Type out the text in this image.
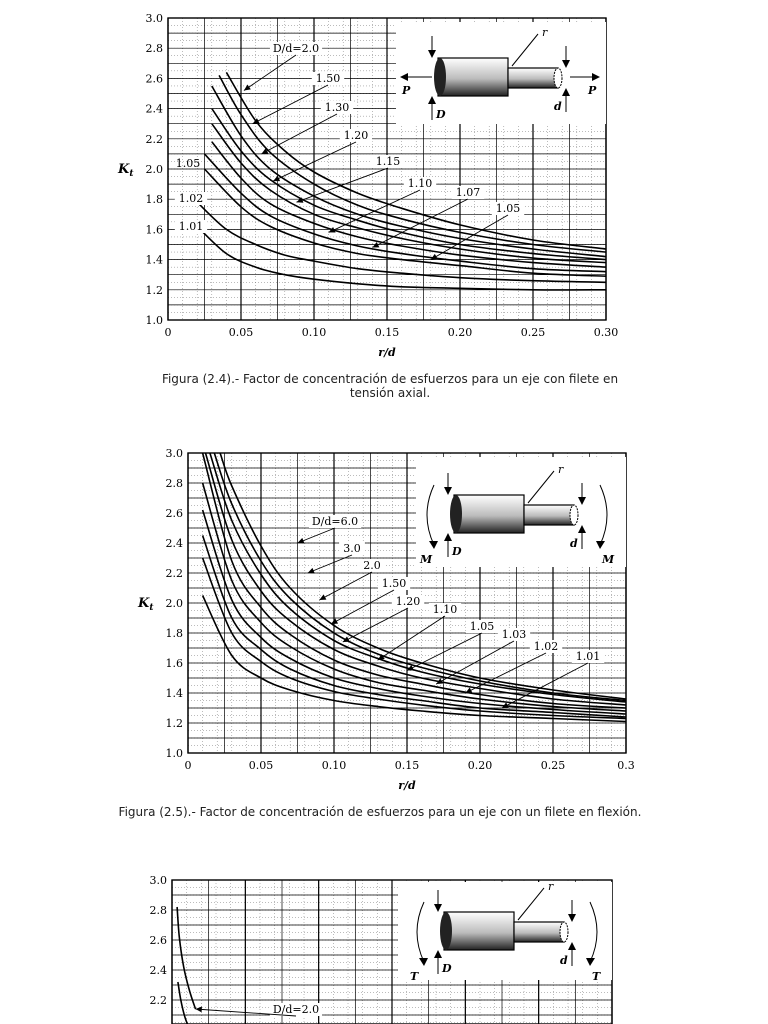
1.0
1.2
1.4
1.6
1.8
2.0
2.2
2.4
2.6
2.8
3.0
0	0.05	0.10	0.15	0.20	0.25	0.30
r/d
$K_t$
D/d=2.0
1.50
1.30
1.20
1.15
1.10
1.07
1.05
1.02
1.01
1.05
r
D
d
P	P
Figura (2.4).- Factor de concentración de esfuerzos para un eje con filete en tensión axial.
1.0
1.2
1.4
1.6
1.8
2.0
2.2
2.4
2.6
2.8
3.0
0	0.05	0.10	0.15	0.20	0.25	0.3
r/d
$K_t$
D/d=6.0
3.0
2.0
1.50
1.20
1.10
1.05
1.03
1.02
1.01
r
D
d
M	M
Figura (2.5).- Factor de concentración de esfuerzos para un eje con un filete en flexión.
3.0
2.8
2.6
2.4
2.2
D/d=2.0
r
D
d
T	T
